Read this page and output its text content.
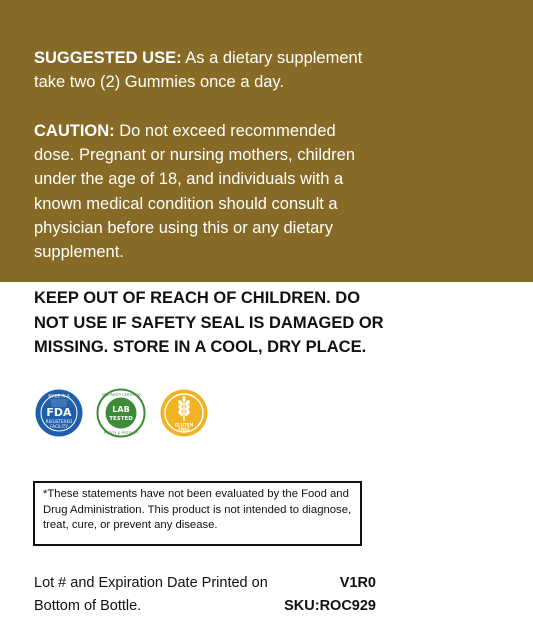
SUGGESTED USE: As a dietary supplement take two (2) Gummies once a day.
CAUTION: Do not exceed recommended dose. Pregnant or nursing mothers, children under the age of 18, and individuals with a known medical condition should consult a physician before using this or any dietary supplement.
KEEP OUT OF REACH OF CHILDREN. DO NOT USE IF SAFETY SEAL IS DAMAGED OR MISSING. STORE IN A COOL, DRY PLACE.
MADE IN A
FDA
REGISTERED
FACILITY
3RD PARTY CERTIFIED
LAB
TESTED
PURITY & POTENCY
GLUTEN
FREE
*These statements have not been evaluated by the Food and Drug Administration. This product is not intended to diagnose, treat, cure, or prevent any disease.
Lot # and Expiration Date Printed on
Bottom of Bottle.
V1R0
SKU:ROC929
